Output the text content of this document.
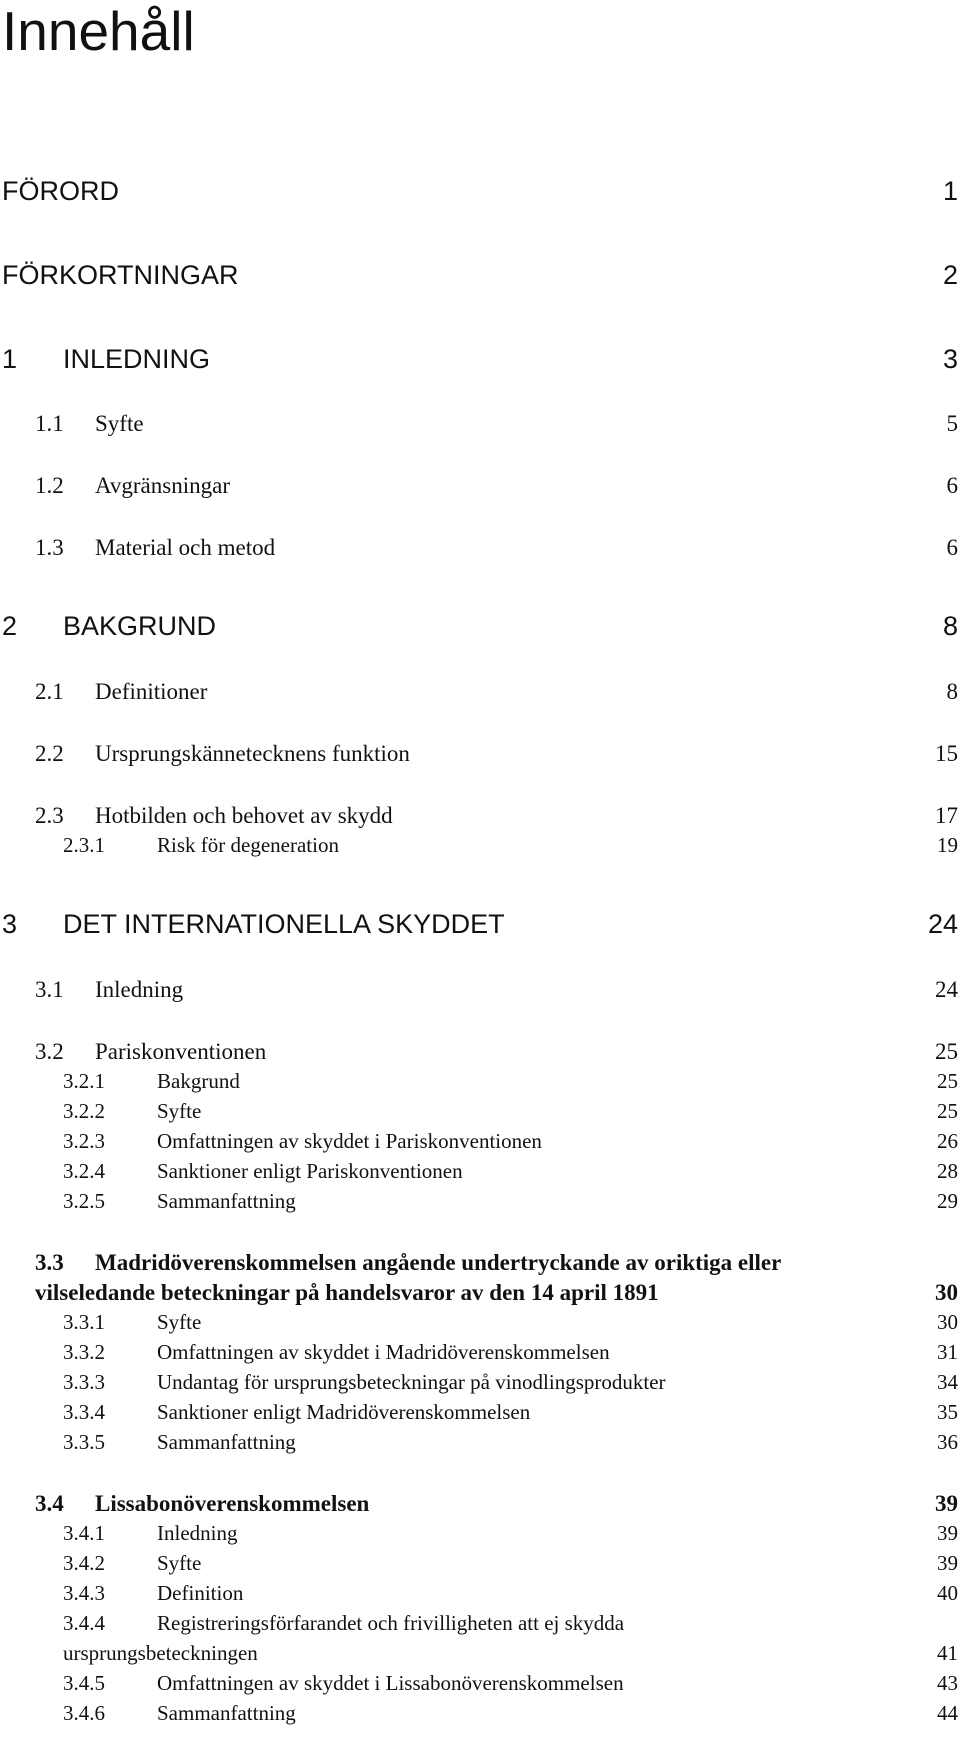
Innehåll
FÖRORD	1
FÖRKORTNINGAR	2
1 INLEDNING	3
1.1 Syfte	5
1.2 Avgränsningar	6
1.3 Material och metod	6
2 BAKGRUND	8
2.1 Definitioner	8
2.2 Ursprungskännetecknens funktion	15
2.3 Hotbilden och behovet av skydd	17
2.3.1 Risk för degeneration	19
3 DET INTERNATIONELLA SKYDDET	24
3.1 Inledning	24
3.2 Pariskonventionen	25
3.2.1 Bakgrund	25
3.2.2 Syfte	25
3.2.3 Omfattningen av skyddet i Pariskonventionen	26
3.2.4 Sanktioner enligt Pariskonventionen	28
3.2.5 Sammanfattning	29
3.3 Madridöverenskommelsen angående undertryckande av oriktiga eller
vilseledande beteckningar på handelsvaror av den 14 april 1891	30
3.3.1 Syfte	30
3.3.2 Omfattningen av skyddet i Madridöverenskommelsen	31
3.3.3 Undantag för ursprungsbeteckningar på vinodlingsprodukter	34
3.3.4 Sanktioner enligt Madridöverenskommelsen	35
3.3.5 Sammanfattning	36
3.4 Lissabonöverenskommelsen	39
3.4.1 Inledning	39
3.4.2 Syfte	39
3.4.3 Definition	40
3.4.4 Registreringsförfarandet och frivilligheten att ej skydda
ursprungsbeteckningen	41
3.4.5 Omfattningen av skyddet i Lissabonöverenskommelsen	43
3.4.6 Sammanfattning	44
